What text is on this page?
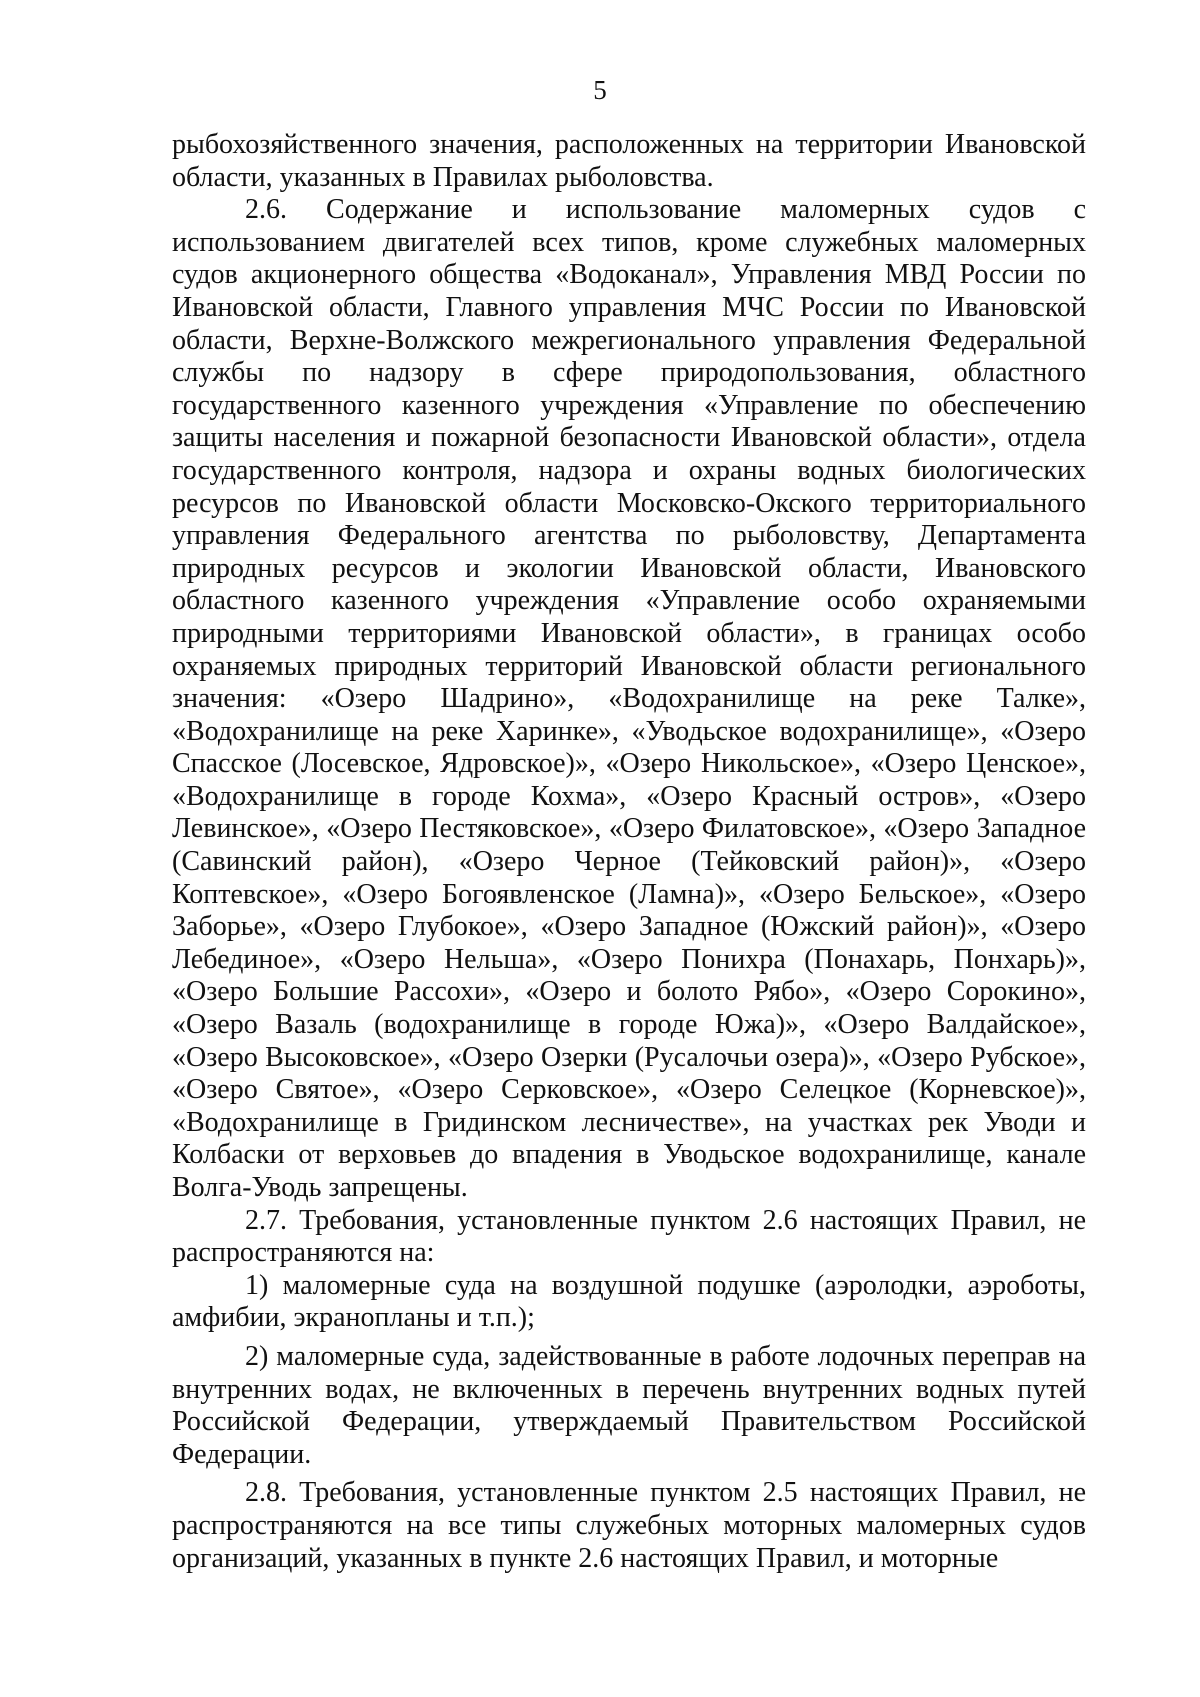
5

рыбохозяйственного значения, расположенных на территории Ивановской области, указанных в Правилах рыболовства.

2.6. Содержание и использование маломерных судов с использованием двигателей всех типов, кроме служебных маломерных судов акционерного общества «Водоканал», Управления МВД России по Ивановской области, Главного управления МЧС России по Ивановской области, Верхне-Волжского межрегионального управления Федеральной службы по надзору в сфере природопользования, областного государственного казенного учреждения «Управление по обеспечению защиты населения и пожарной безопасности Ивановской области», отдела государственного контроля, надзора и охраны водных биологических ресурсов по Ивановской области Московско-Окского территориального управления Федерального агентства по рыболовству, Департамента природных ресурсов и экологии Ивановской области, Ивановского областного казенного учреждения «Управление особо охраняемыми природными территориями Ивановской области», в границах особо охраняемых природных территорий Ивановской области регионального значения: «Озеро Шадрино», «Водохранилище на реке Талке», «Водохранилище на реке Харинке», «Уводьское водохранилище», «Озеро Спасское (Лосевское, Ядровское)», «Озеро Никольское», «Озеро Ценское», «Водохранилище в городе Кохма», «Озеро Красный остров», «Озеро Левинское», «Озеро Пестяковское», «Озеро Филатовское», «Озеро Западное (Савинский район), «Озеро Черное (Тейковский район)», «Озеро Коптевское», «Озеро Богоявленское (Ламна)», «Озеро Бельское», «Озеро Заборье», «Озеро Глубокое», «Озеро Западное (Южский район)», «Озеро Лебединое», «Озеро Нельша», «Озеро Понихра (Понахарь, Понхарь)», «Озеро Большие Рассохи», «Озеро и болото Рябо», «Озеро Сорокино», «Озеро Вазаль (водохранилище в городе Южа)», «Озеро Валдайское», «Озеро Высоковское», «Озеро Озерки (Русалочьи озера)», «Озеро Рубское», «Озеро Святое», «Озеро Серковское», «Озеро Селецкое (Корневское)», «Водохранилище в Гридинском лесничестве», на участках рек Уводи и Колбаски от верховьев до впадения в Уводьское водохранилище, канале Волга-Уводь запрещены.

2.7. Требования, установленные пунктом 2.6 настоящих Правил, не распространяются на:

1) маломерные суда на воздушной подушке (аэролодки, аэроботы, амфибии, экранопланы и т.п.);

2) маломерные суда, задействованные в работе лодочных переправ на внутренних водах, не включенных в перечень внутренних водных путей Российской Федерации, утверждаемый Правительством Российской Федерации.

2.8. Требования, установленные пунктом 2.5 настоящих Правил, не распространяются на все типы служебных моторных маломерных судов организаций, указанных в пункте 2.6 настоящих Правил, и моторные
